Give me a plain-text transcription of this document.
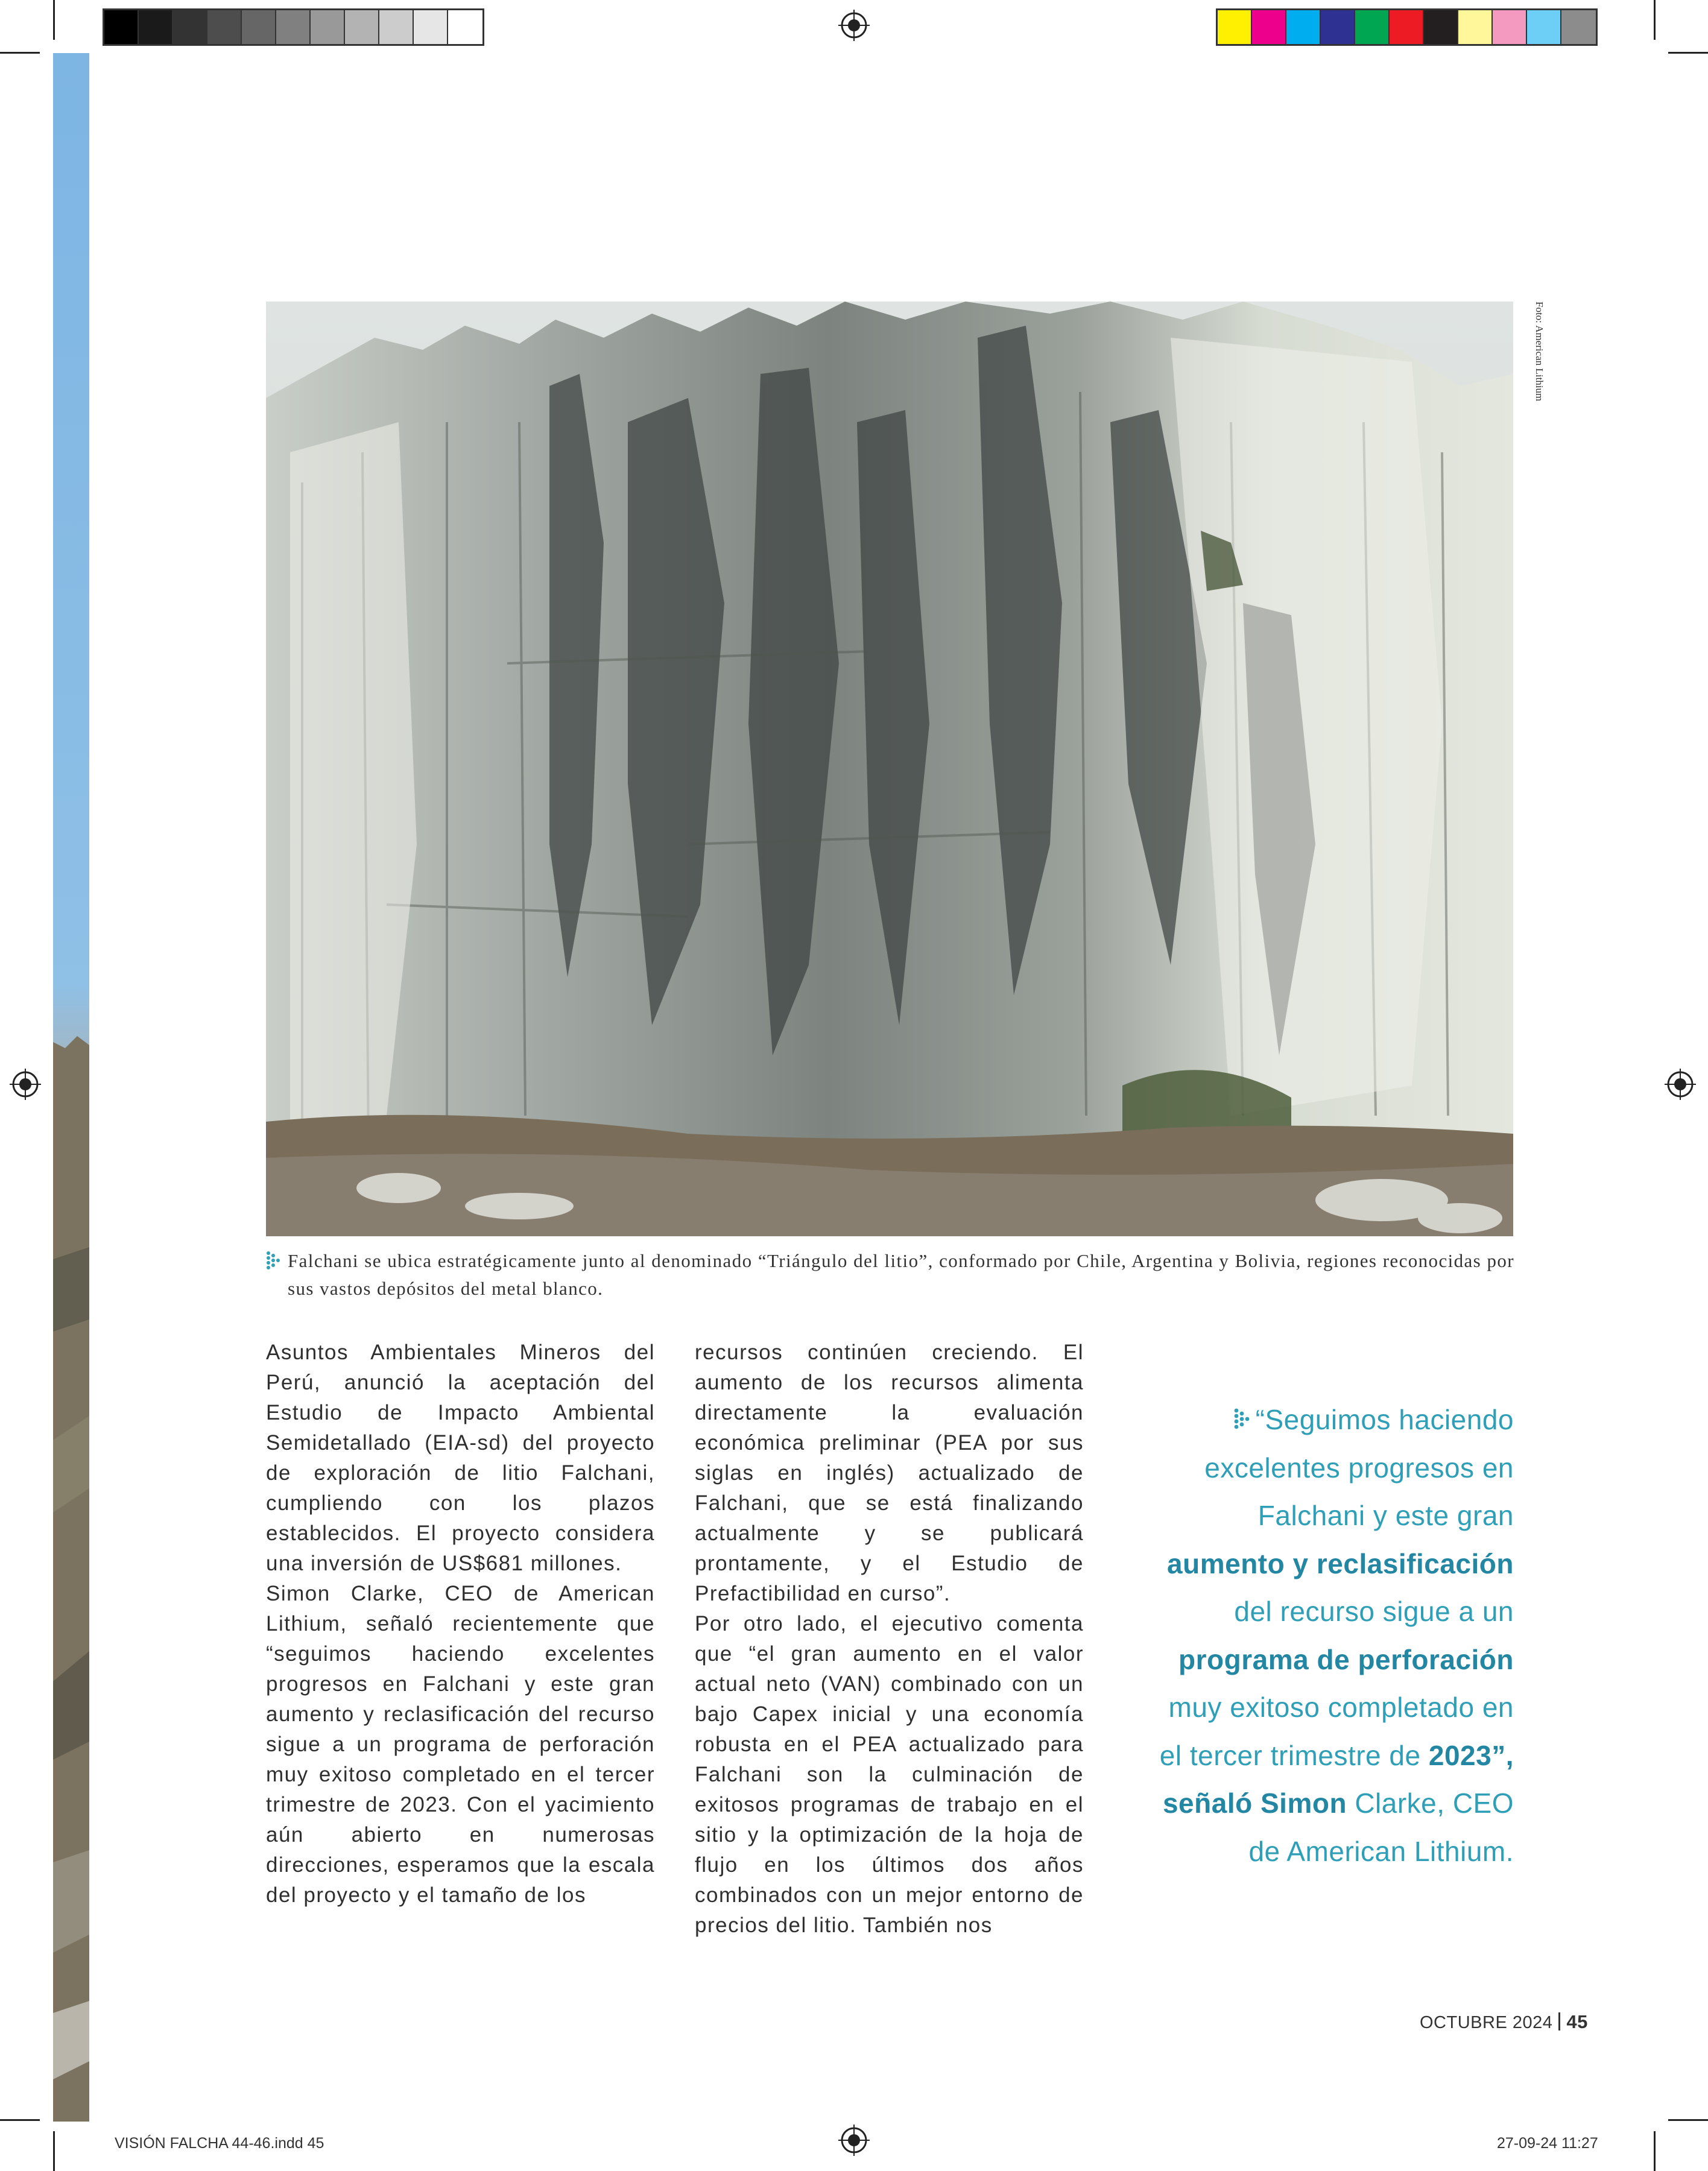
Foto: American Lithium
Falchani se ubica estratégicamente junto al denominado “Triángulo del litio”, conformado por Chile, Argentina y Bolivia, regiones reconocidas por sus vastos depósitos del metal blanco.

Asuntos Ambientales Mineros del Perú, anunció la aceptación del Estudio de Impacto Ambiental Semidetallado (EIA-sd) del proyecto de exploración de litio Falchani, cumpliendo con los plazos establecidos. El proyecto considera una inversión de US$681 millones.

Simon Clarke, CEO de American Lithium, señaló recientemente que “seguimos haciendo excelentes progresos en Falchani y este gran aumento y reclasificación del recurso sigue a un programa de perforación muy exitoso completado en el tercer trimestre de 2023. Con el yacimiento aún abierto en numerosas direcciones, esperamos que la escala del proyecto y el tamaño de los

recursos continúen creciendo. El aumento de los recursos alimenta directamente la evaluación económica preliminar (PEA por sus siglas en inglés) actualizado de Falchani, que se está finalizando actualmente y se publicará prontamente, y el Estudio de Prefactibilidad en curso”.

Por otro lado, el ejecutivo comenta que “el gran aumento en el valor actual neto (VAN) combinado con un bajo Capex inicial y una economía robusta en el PEA actualizado para Falchani son la culminación de exitosos programas de trabajo en el sitio y la optimización de la hoja de flujo en los últimos dos años combinados con un mejor entorno de precios del litio. También nos

“Seguimos haciendo excelentes progresos en Falchani y este gran aumento y reclasificación del recurso sigue a un programa de perforación muy exitoso completado en el tercer trimestre de 2023”, señaló Simon Clarke, CEO de American Lithium.
OCTUBRE 2024 45
VISIÓN FALCHA 44-46.indd 45	27-09-24 11:27
